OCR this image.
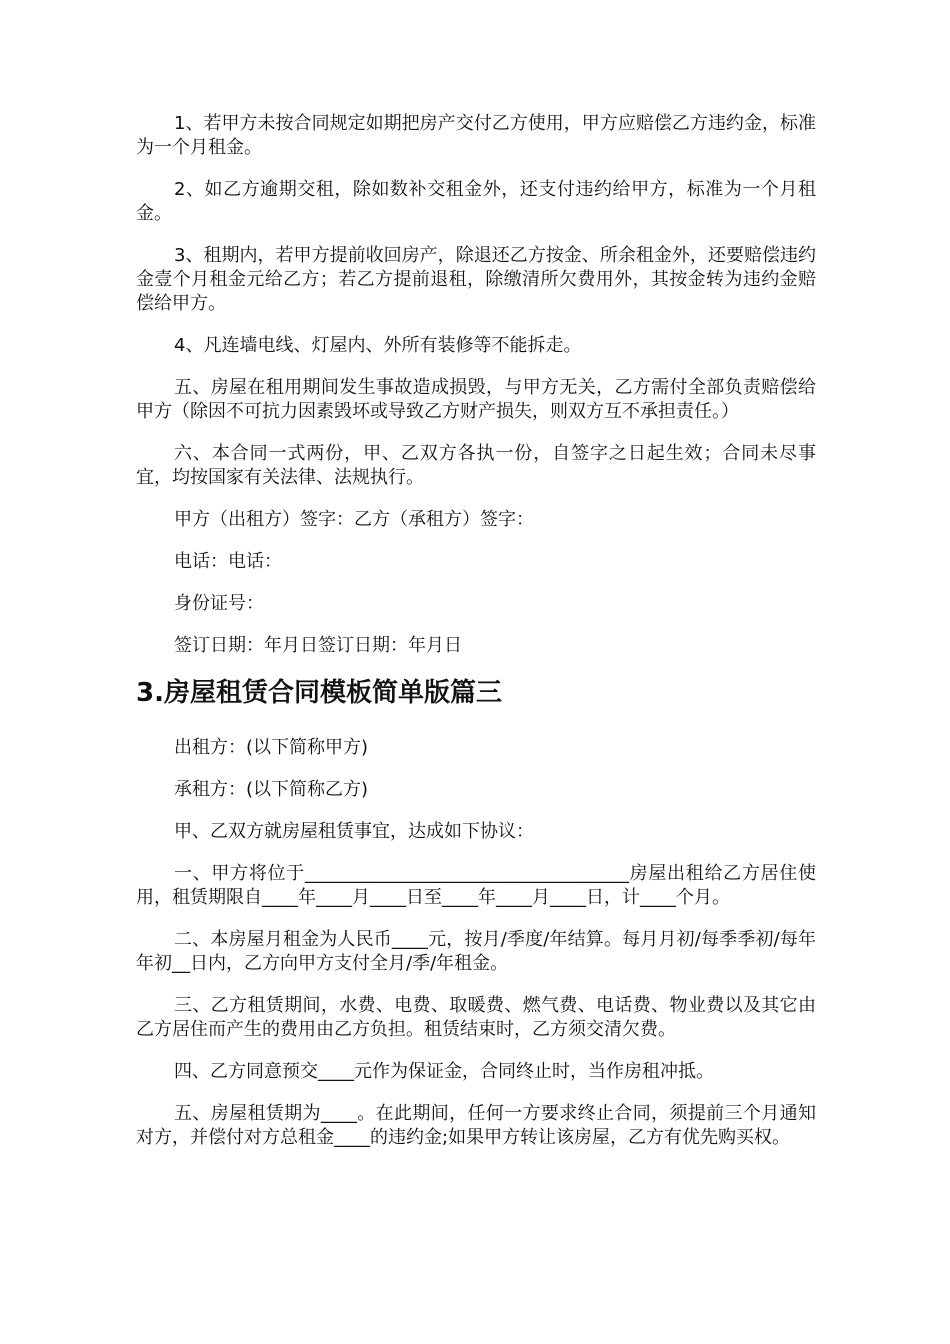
1、若甲方未按合同规定如期把房产交付乙方使用，甲方应赔偿乙方违约金，标准为一个月租金。

2、如乙方逾期交租，除如数补交租金外，还支付违约给甲方，标准为一个月租金。

3、租期内，若甲方提前收回房产，除退还乙方按金、所余租金外，还要赔偿违约金壹个月租金元给乙方；若乙方提前退租，除缴清所欠费用外，其按金转为违约金赔偿给甲方。

4、凡连墙电线、灯屋内、外所有装修等不能拆走。

五、房屋在租用期间发生事故造成损毁，与甲方无关，乙方需付全部负责赔偿给甲方（除因不可抗力因素毁坏或导致乙方财产损失，则双方互不承担责任。）

六、本合同一式两份，甲、乙双方各执一份，自签字之日起生效；合同未尽事宜，均按国家有关法律、法规执行。

甲方（出租方）签字：乙方（承租方）签字：

电话：电话：

身份证号：

签订日期：年月日签订日期：年月日

3.房屋租赁合同模板简单版篇三

出租方：(以下简称甲方)

承租方：(以下简称乙方)

甲、乙双方就房屋租赁事宜，达成如下协议：

一、甲方将位于____________________________________房屋出租给乙方居住使用，租赁期限自____年____月____日至____年____月____日，计____个月。

二、本房屋月租金为人民币____元，按月/季度/年结算。每月月初/每季季初/每年年初__日内，乙方向甲方支付全月/季/年租金。

三、乙方租赁期间，水费、电费、取暖费、燃气费、电话费、物业费以及其它由乙方居住而产生的费用由乙方负担。租赁结束时，乙方须交清欠费。

四、乙方同意预交____元作为保证金，合同终止时，当作房租冲抵。

五、房屋租赁期为____。在此期间，任何一方要求终止合同，须提前三个月通知对方，并偿付对方总租金____的违约金;如果甲方转让该房屋，乙方有优先购买权。
